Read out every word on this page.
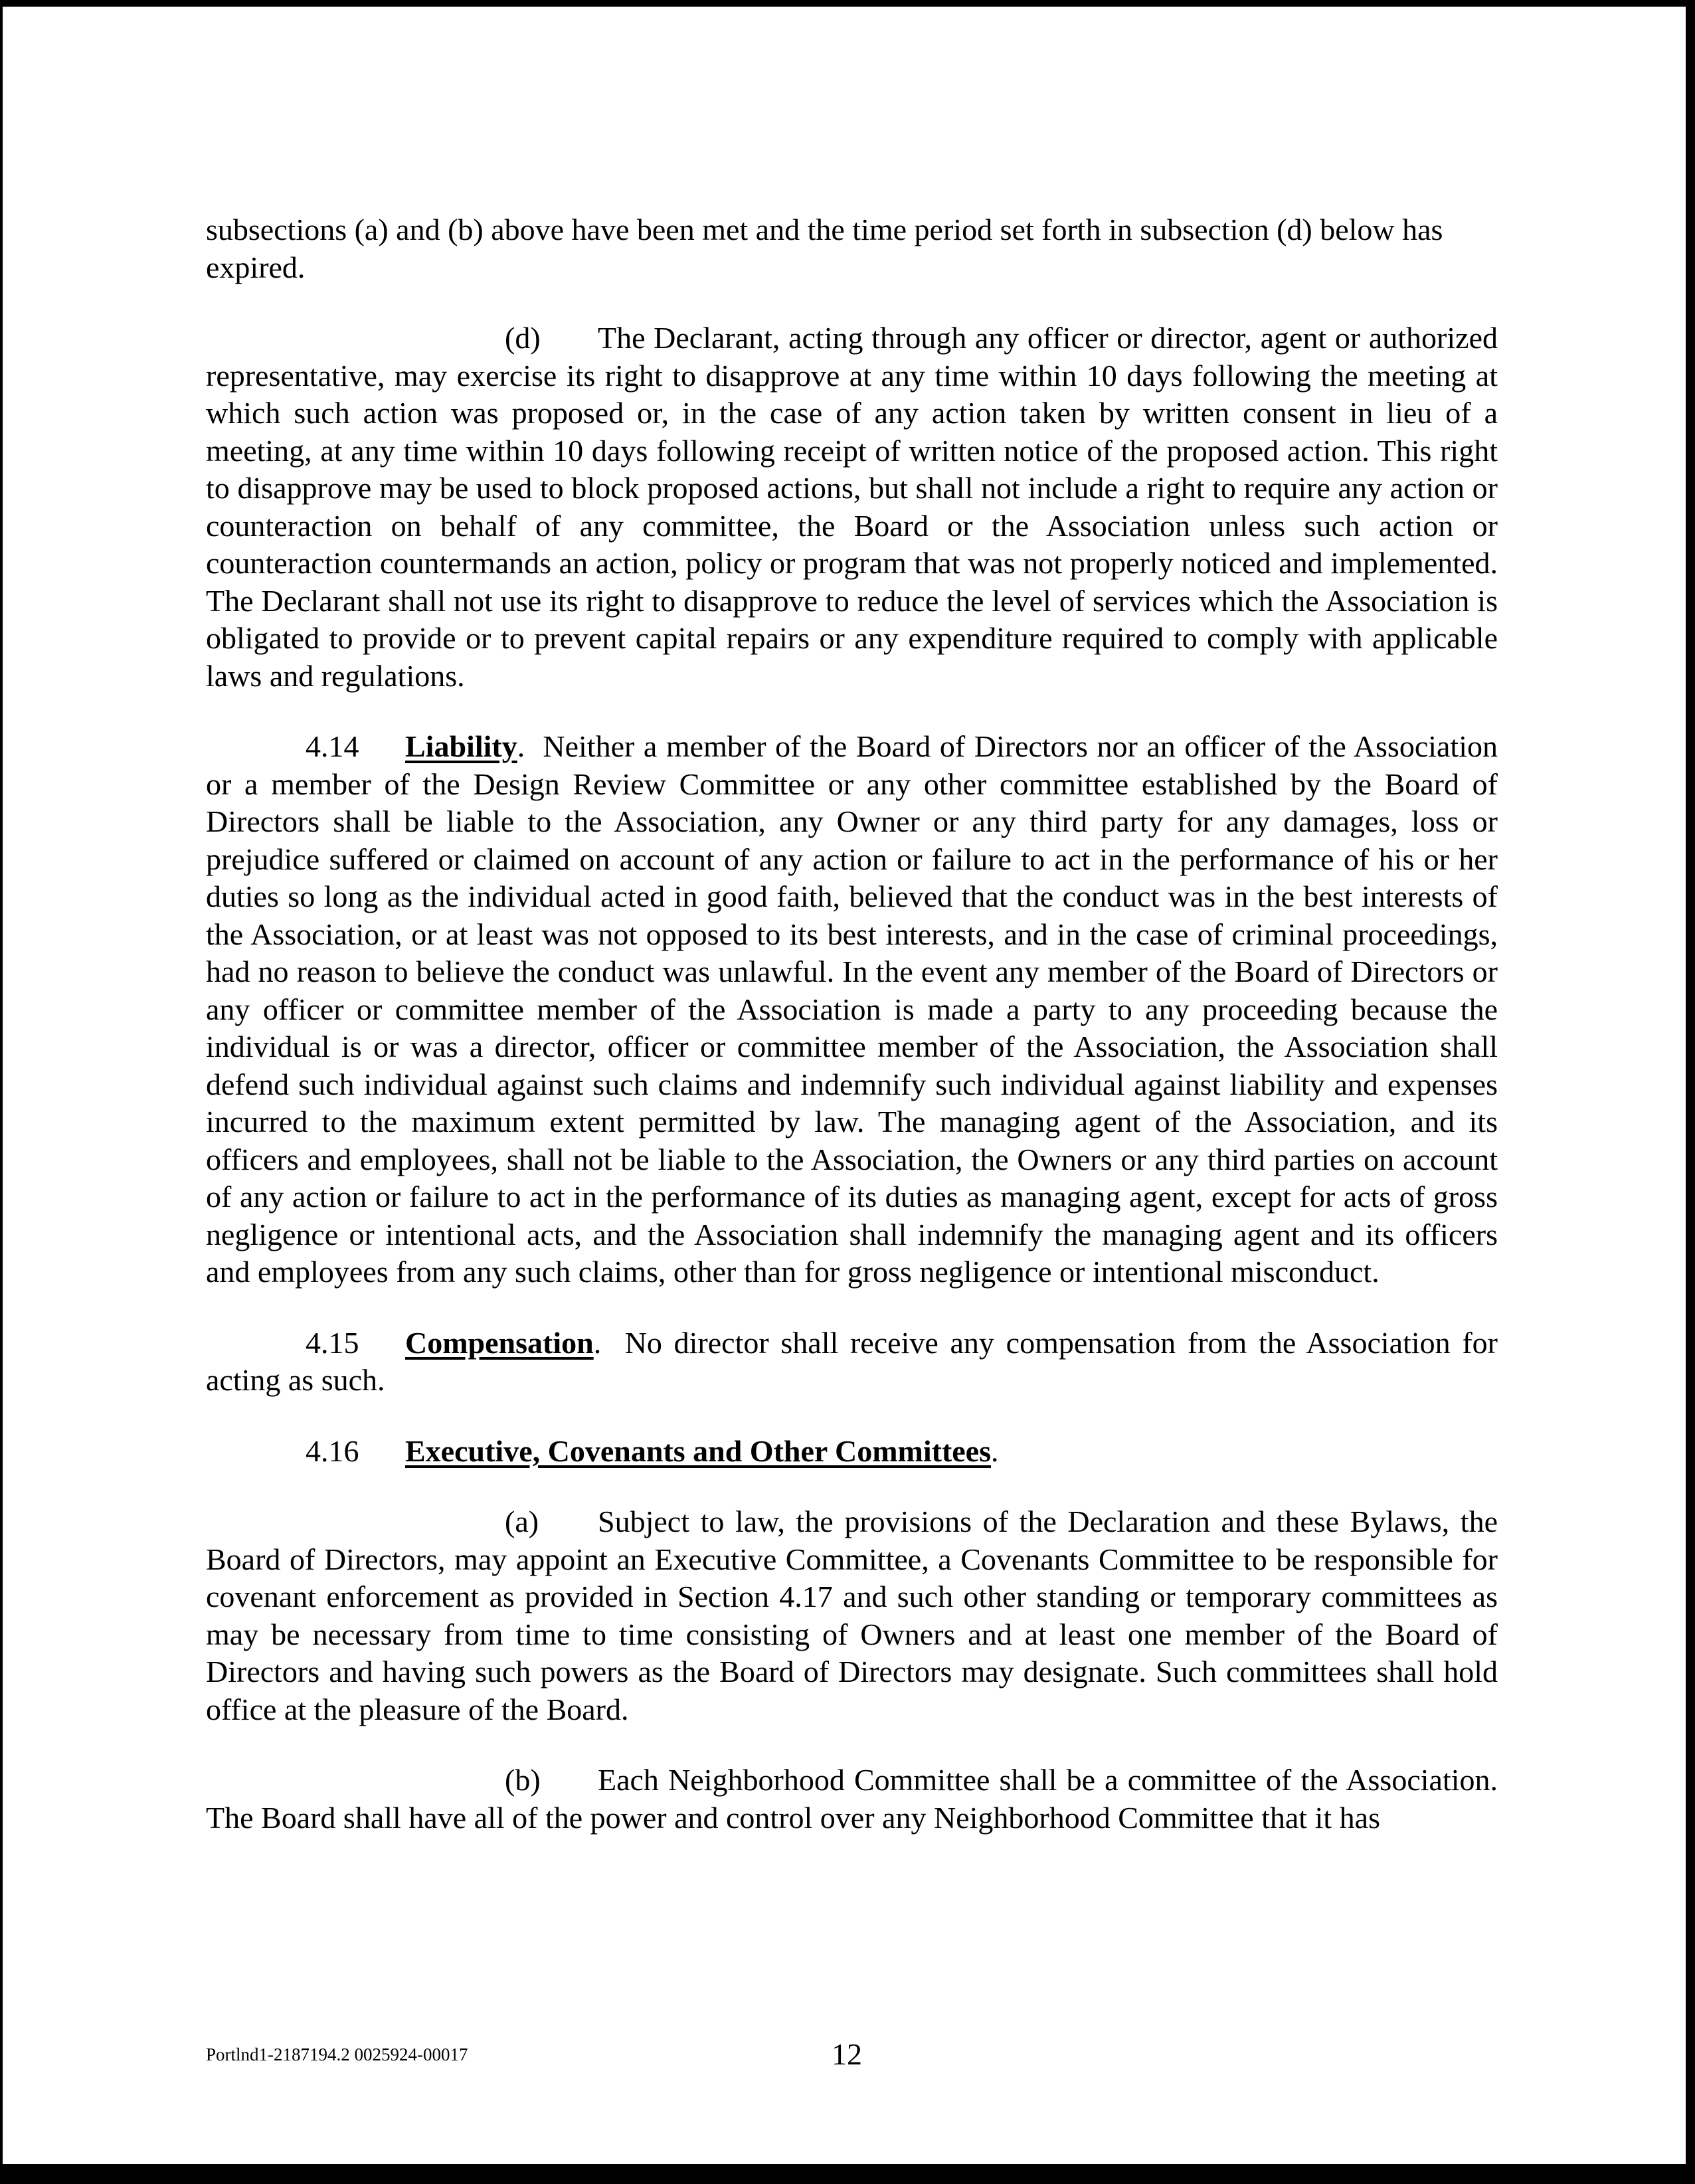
subsections (a) and (b) above have been met and the time period set forth in subsection (d) below has expired.

(d) The Declarant, acting through any officer or director, agent or authorized representative, may exercise its right to disapprove at any time within 10 days following the meeting at which such action was proposed or, in the case of any action taken by written consent in lieu of a meeting, at any time within 10 days following receipt of written notice of the proposed action. This right to disapprove may be used to block proposed actions, but shall not include a right to require any action or counteraction on behalf of any committee, the Board or the Association unless such action or counteraction countermands an action, policy or program that was not properly noticed and implemented. The Declarant shall not use its right to disapprove to reduce the level of services which the Association is obligated to provide or to prevent capital repairs or any expenditure required to comply with applicable laws and regulations.

4.14 Liability. Neither a member of the Board of Directors nor an officer of the Association or a member of the Design Review Committee or any other committee established by the Board of Directors shall be liable to the Association, any Owner or any third party for any damages, loss or prejudice suffered or claimed on account of any action or failure to act in the performance of his or her duties so long as the individual acted in good faith, believed that the conduct was in the best interests of the Association, or at least was not opposed to its best interests, and in the case of criminal proceedings, had no reason to believe the conduct was unlawful. In the event any member of the Board of Directors or any officer or committee member of the Association is made a party to any proceeding because the individual is or was a director, officer or committee member of the Association, the Association shall defend such individual against such claims and indemnify such individual against liability and expenses incurred to the maximum extent permitted by law. The managing agent of the Association, and its officers and employees, shall not be liable to the Association, the Owners or any third parties on account of any action or failure to act in the performance of its duties as managing agent, except for acts of gross negligence or intentional acts, and the Association shall indemnify the managing agent and its officers and employees from any such claims, other than for gross negligence or intentional misconduct.

4.15 Compensation. No director shall receive any compensation from the Association for acting as such.

4.16 Executive, Covenants and Other Committees.

(a) Subject to law, the provisions of the Declaration and these Bylaws, the Board of Directors, may appoint an Executive Committee, a Covenants Committee to be responsible for covenant enforcement as provided in Section 4.17 and such other standing or temporary committees as may be necessary from time to time consisting of Owners and at least one member of the Board of Directors and having such powers as the Board of Directors may designate. Such committees shall hold office at the pleasure of the Board.

(b) Each Neighborhood Committee shall be a committee of the Association. The Board shall have all of the power and control over any Neighborhood Committee that it has

Portlnd1-2187194.2 0025924-00017	12
